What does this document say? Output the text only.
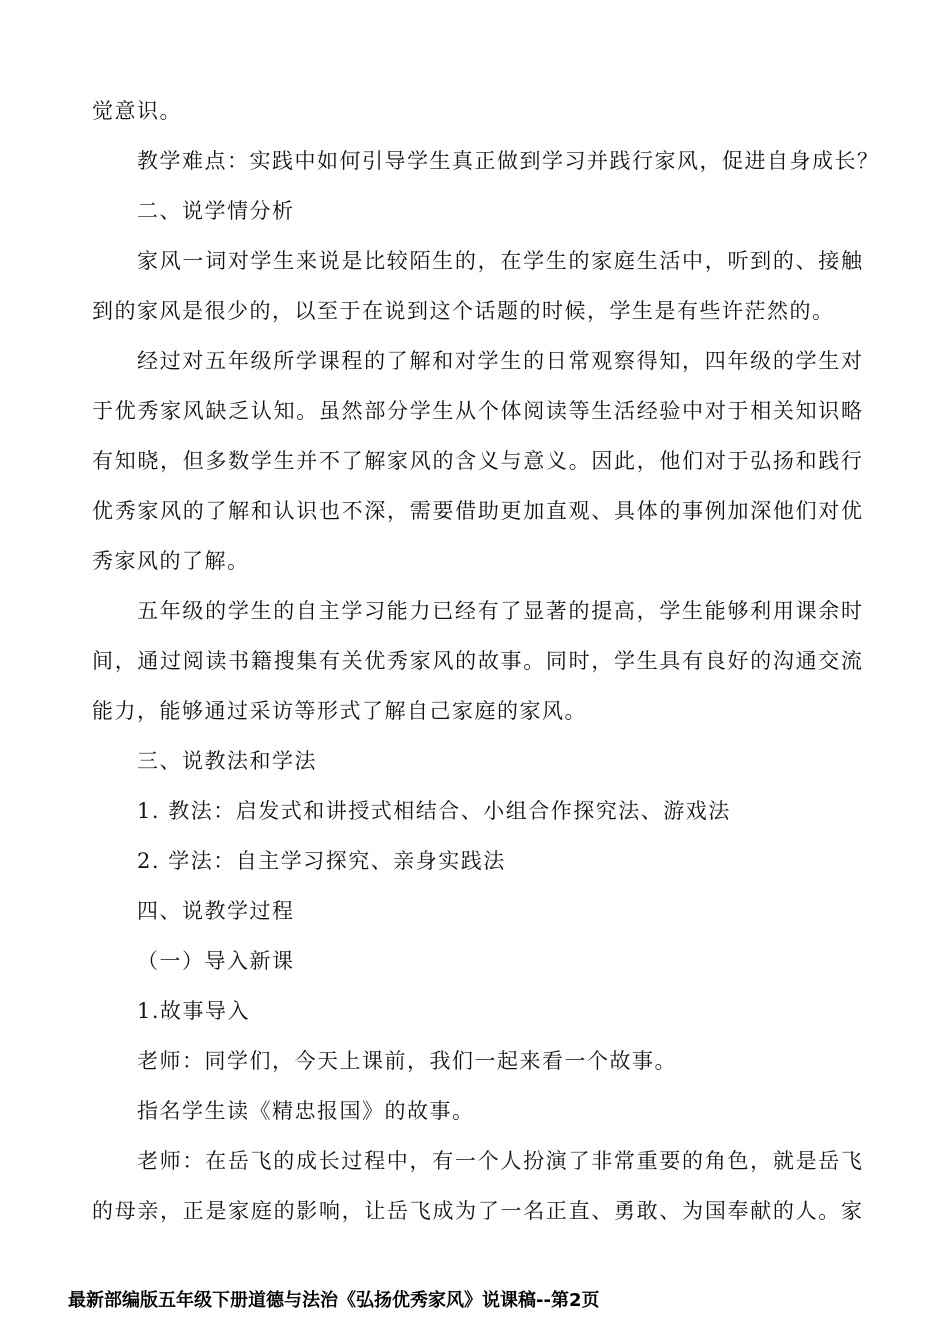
觉意识。
教学难点：实践中如何引导学生真正做到学习并践行家风，促进自身成长？
二、说学情分析
家风一词对学生来说是比较陌生的，在学生的家庭生活中，听到的、接触
到的家风是很少的，以至于在说到这个话题的时候，学生是有些许茫然的。
经过对五年级所学课程的了解和对学生的日常观察得知，四年级的学生对
于优秀家风缺乏认知。虽然部分学生从个体阅读等生活经验中对于相关知识略
有知晓，但多数学生并不了解家风的含义与意义。因此，他们对于弘扬和践行
优秀家风的了解和认识也不深，需要借助更加直观、具体的事例加深他们对优
秀家风的了解。
五年级的学生的自主学习能力已经有了显著的提高，学生能够利用课余时
间，通过阅读书籍搜集有关优秀家风的故事。同时，学生具有良好的沟通交流
能力，能够通过采访等形式了解自己家庭的家风。
三、说教法和学法
1. 教法：启发式和讲授式相结合、小组合作探究法、游戏法
2. 学法：自主学习探究、亲身实践法
四、说教学过程
（一）导入新课
1.故事导入
老师：同学们，今天上课前，我们一起来看一个故事。
指名学生读《精忠报国》的故事。
老师：在岳飞的成长过程中，有一个人扮演了非常重要的角色，就是岳飞
的母亲，正是家庭的影响，让岳飞成为了一名正直、勇敢、为国奉献的人。家
最新部编版五年级下册道德与法治《弘扬优秀家风》说课稿--第2页
